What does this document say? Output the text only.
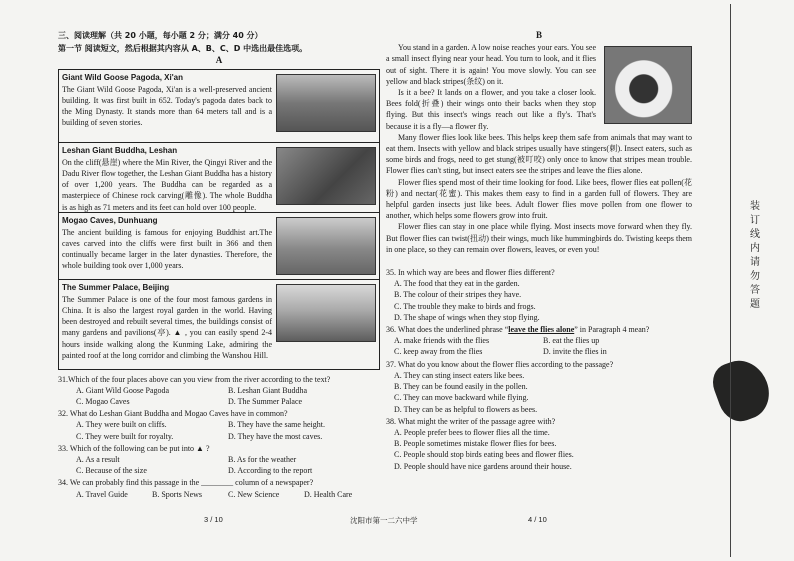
三、阅读理解（共 20 小题，每小题 2 分；满分 40 分）
第一节 阅读短文，然后根据其内容从 A、B、C、D 中选出最佳选项。
A
Giant Wild Goose Pagoda, Xi'an

The Giant Wild Goose Pagoda, Xi'an is a well-preserved ancient building. It was first built in 652. Today's pagoda dates back to the Ming Dynasty. It stands more than 64 meters tall and is a building of seven stories.

Leshan Giant Buddha, Leshan

On the cliff(悬崖) where the Min River, the Qingyi River and the Dadu River flow together, the Leshan Giant Buddha has a history of over 1,200 years. The Buddha can be regarded as a masterpiece of Chinese rock carving(雕像). The whole Buddha is as high as 71 meters and its feet can hold over 100 people.

Mogao Caves, Dunhuang

The ancient building is famous for enjoying Buddhist art.The caves carved into the cliffs were first built in 366 and then continually became larger in the later dynasties. Therefore, the whole building took over 1,000 years.

The Summer Palace, Beijing

The Summer Palace is one of the four most famous gardens in China. It is also the largest royal garden in the world. Having been destroyed and rebuilt several times, the buildings consist of many gardens and pavilions(亭). ▲ , you can easily spend 2-4 hours inside walking along the Kunming Lake, admiring the painted roof at the long corridor and climbing the Wanshou Hill.

31.Which of the four places above can you view from the river according to the text?
A. Giant Wild Goose Pagoda	B. Leshan Giant Buddha
C. Mogao Caves	D. The Summer Palace
32. What do Leshan Giant Buddha and Mogao Caves have in common?
A. They were built on cliffs.	B. They have the same height.
C. They were built for royalty.	D. They have the most caves.
33. Which of the following can be put into ▲ ?
A. As a result	B. As for the weather
C. Because of the size	D. According to the report
34. We can probably find this passage in the ________ column of a newspaper?
A. Travel Guide	B. Sports News	C. New Science	D. Health Care
B

You stand in a garden. A low noise reaches your ears. You see a small insect flying near your head. You turn to look, and it flies out of sight. There it is again! You move slowly. You can see yellow and black stripes(条纹) on it.

Is it a bee? It lands on a flower, and you take a closer look. Bees fold(折叠) their wings onto their backs when they stop flying. But this insect's wings reach out like a fly's. That's because it is a fly—a flower fly.

Many flower flies look like bees. This helps keep them safe from animals that may want to eat them. Insects with yellow and black stripes usually have stingers(刺). Insect eaters, such as some birds and frogs, need to get stung(被叮咬) only once to know that stripes mean trouble. Flower flies can't sting, but insect eaters see the stripes and leave the flies alone.

Flower flies spend most of their time looking for food. Like bees, flower flies eat pollen(花粉) and nectar(花蜜). This makes them easy to find in a garden full of flowers. They are helpful garden insects just like bees. Adult flower flies move pollen from one flower to another, which helps some flowers grow into fruit.

Flower flies can stay in one place while flying. Most insects move forward when they fly. But flower flies can twist(扭动) their wings, much like hummingbirds do. Twisting keeps them in one place, so they can remain over flowers, leaves, or even you!

35. In which way are bees and flower flies different?
A. The food that they eat in the garden.
B. The colour of their stripes they have.
C. The trouble they make to birds and frogs.
D. The shape of wings when they stop flying.
36. What does the underlined phrase “leave the flies alone” in Paragraph 4 mean?
A. make friends with the flies	B. eat the flies up
C. keep away from the flies	D. invite the flies in
37. What do you know about the flower flies according to the passage?
A. They can sting insect eaters like bees.
B. They can be found easily in the pollen.
C. They can move backward while flying.
D. They can be as helpful to flowers as bees.
38. What might the writer of the passage agree with?
A. People prefer bees to flower flies all the time.
B. People sometimes mistake flower flies for bees.
C. People should stop birds eating bees and flower flies.
D. People should have nice gardens around their house.
3 / 10	沈阳市第一二六中学	4 / 10
装订线内请勿答题
